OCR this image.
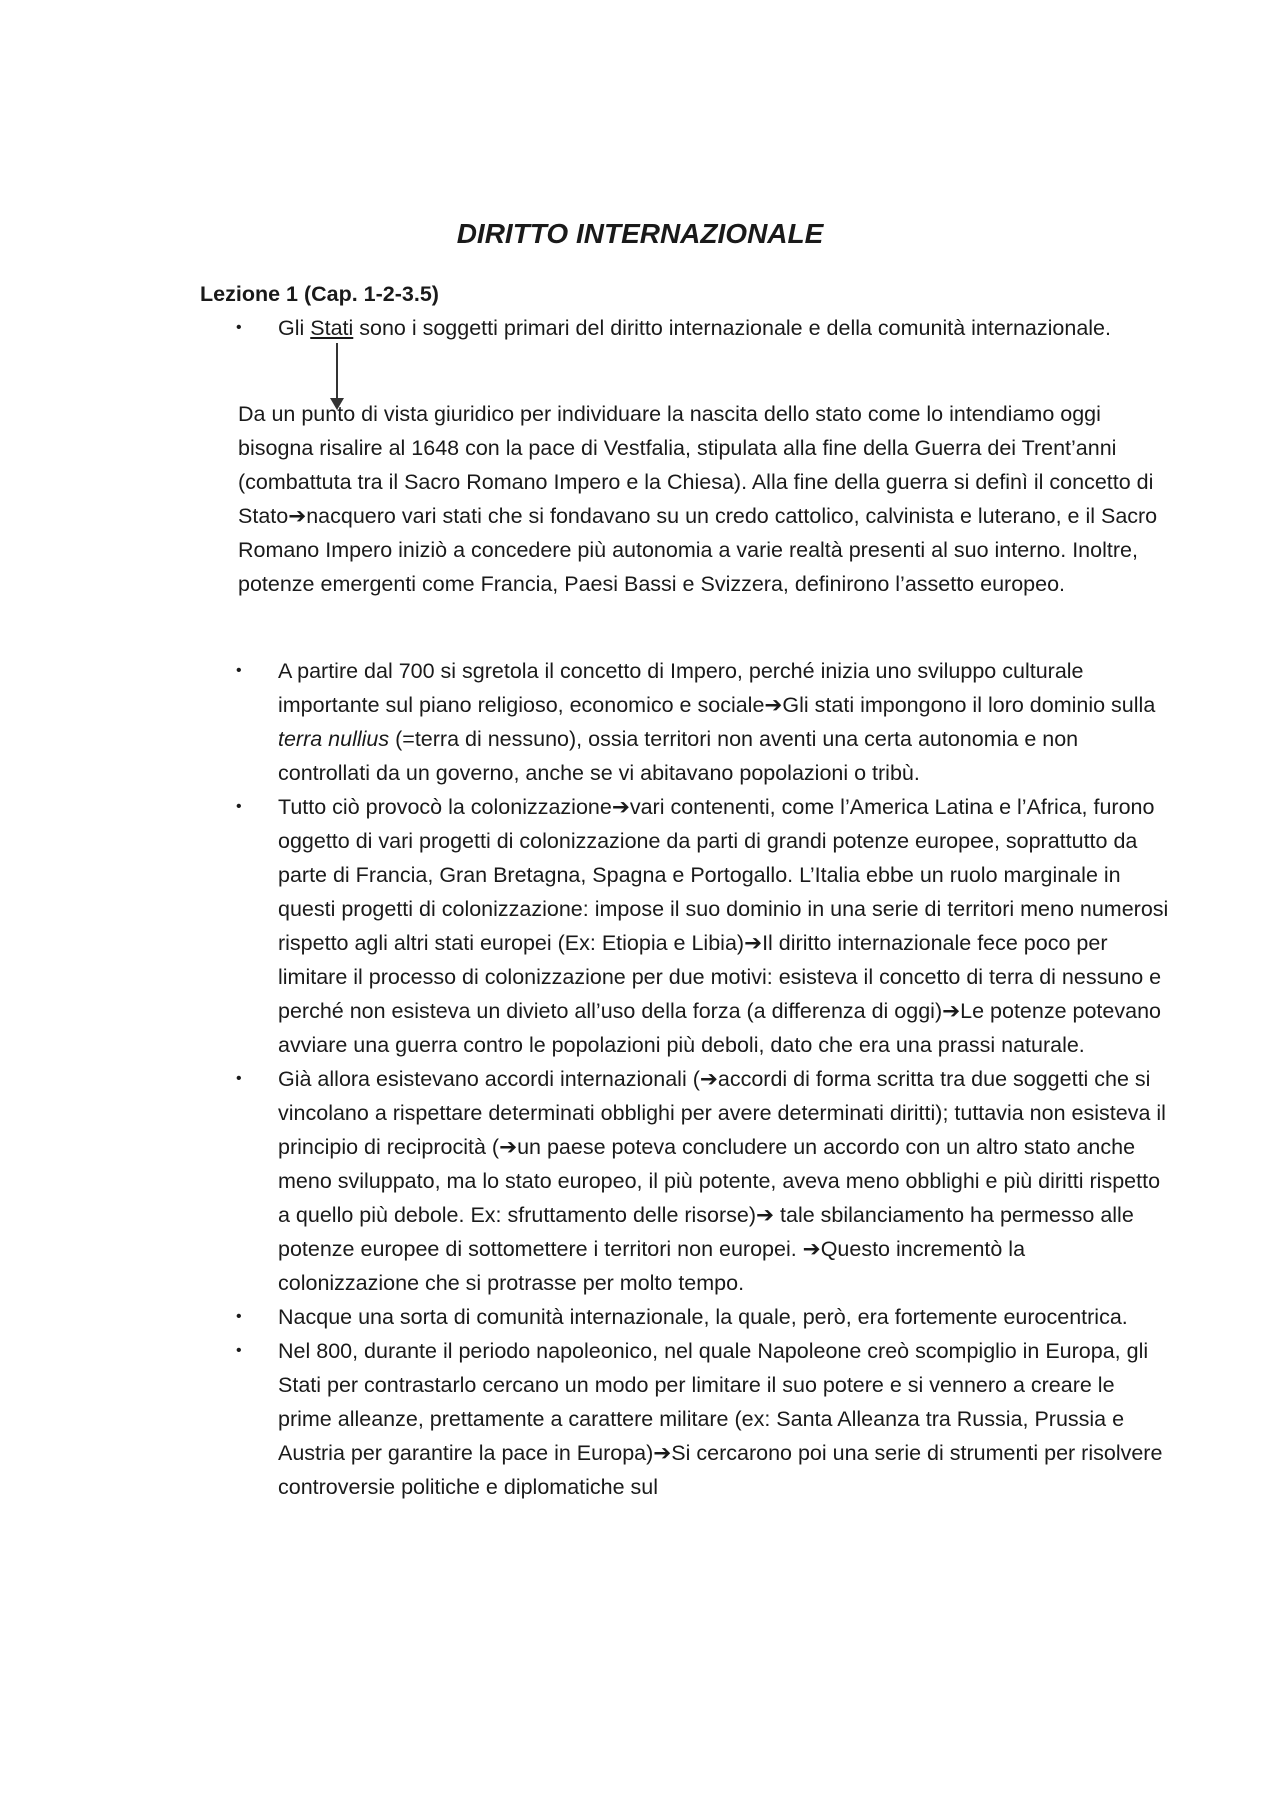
DIRITTO INTERNAZIONALE

Lezione 1 (Cap. 1-2-3.5)

• Gli Stati sono i soggetti primari del diritto internazionale e della comunità internazionale.

Da un punto di vista giuridico per individuare la nascita dello stato come lo intendiamo oggi bisogna risalire al 1648 con la pace di Vestfalia, stipulata alla fine della Guerra dei Trent’anni (combattuta tra il Sacro Romano Impero e la Chiesa). Alla fine della guerra si definì il concetto di Stato➔nacquero vari stati che si fondavano su un credo cattolico, calvinista e luterano, e il Sacro Romano Impero iniziò a concedere più autonomia a varie realtà presenti al suo interno. Inoltre, potenze emergenti come Francia, Paesi Bassi e Svizzera, definirono l’assetto europeo.

• A partire dal 700 si sgretola il concetto di Impero, perché inizia uno sviluppo culturale importante sul piano religioso, economico e sociale➔Gli stati impongono il loro dominio sulla terra nullius (=terra di nessuno), ossia territori non aventi una certa autonomia e non controllati da un governo, anche se vi abitavano popolazioni o tribù.
• Tutto ciò provocò la colonizzazione➔vari contenenti, come l’America Latina e l’Africa, furono oggetto di vari progetti di colonizzazione da parti di grandi potenze europee, soprattutto da parte di Francia, Gran Bretagna, Spagna e Portogallo. L’Italia ebbe un ruolo marginale in questi progetti di colonizzazione: impose il suo dominio in una serie di territori meno numerosi rispetto agli altri stati europei (Ex: Etiopia e Libia)➔Il diritto internazionale fece poco per limitare il processo di colonizzazione per due motivi: esisteva il concetto di terra di nessuno e perché non esisteva un divieto all’uso della forza (a differenza di oggi)➔Le potenze potevano avviare una guerra contro le popolazioni più deboli, dato che era una prassi naturale.
• Già allora esistevano accordi internazionali (➔accordi di forma scritta tra due soggetti che si vincolano a rispettare determinati obblighi per avere determinati diritti); tuttavia non esisteva il principio di reciprocità (➔un paese poteva concludere un accordo con un altro stato anche meno sviluppato, ma lo stato europeo, il più potente, aveva meno obblighi e più diritti rispetto a quello più debole. Ex: sfruttamento delle risorse)➔ tale sbilanciamento ha permesso alle potenze europee di sottomettere i territori non europei. ➔Questo incrementò la colonizzazione che si protrasse per molto tempo.
• Nacque una sorta di comunità internazionale, la quale, però, era fortemente eurocentrica.
• Nel 800, durante il periodo napoleonico, nel quale Napoleone creò scompiglio in Europa, gli Stati per contrastarlo cercano un modo per limitare il suo potere e si vennero a creare le prime alleanze, prettamente a carattere militare (ex: Santa Alleanza tra Russia, Prussia e Austria per garantire la pace in Europa)➔Si cercarono poi una serie di strumenti per risolvere controversie politiche e diplomatiche sul
